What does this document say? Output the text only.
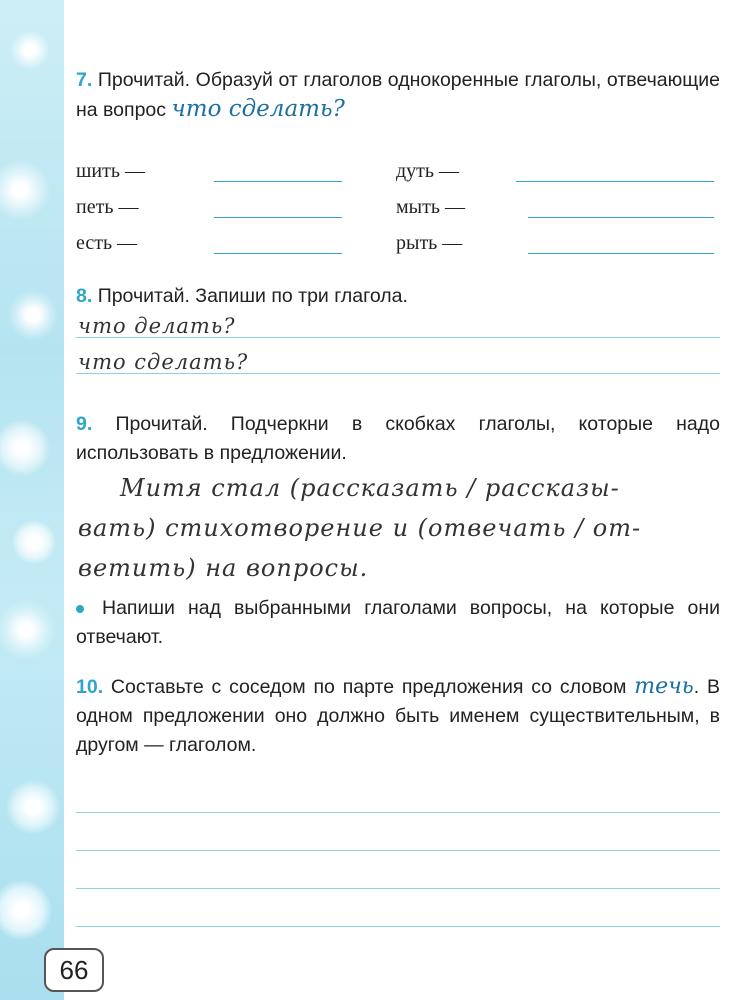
7. Прочитай. Образуй от глаголов однокоренные глаголы, отвечающие на вопрос что сделать?
шить —
петь —
есть —
дуть —
мыть —
рыть —
8. Прочитай. Запиши по три глагола.
что делать?
что сделать?
9. Прочитай. Подчеркни в скобках глаголы, которые надо использовать в предложении.
Митя стал (рассказать / рассказы-
вать) стихотворение и (отвечать / от-
ветить) на вопросы.
Напиши над выбранными глаголами вопросы, на которые они отвечают.
10. Составьте с соседом по парте предложения со словом течь. В одном предложении оно должно быть именем существительным, в другом — глаголом.
66
